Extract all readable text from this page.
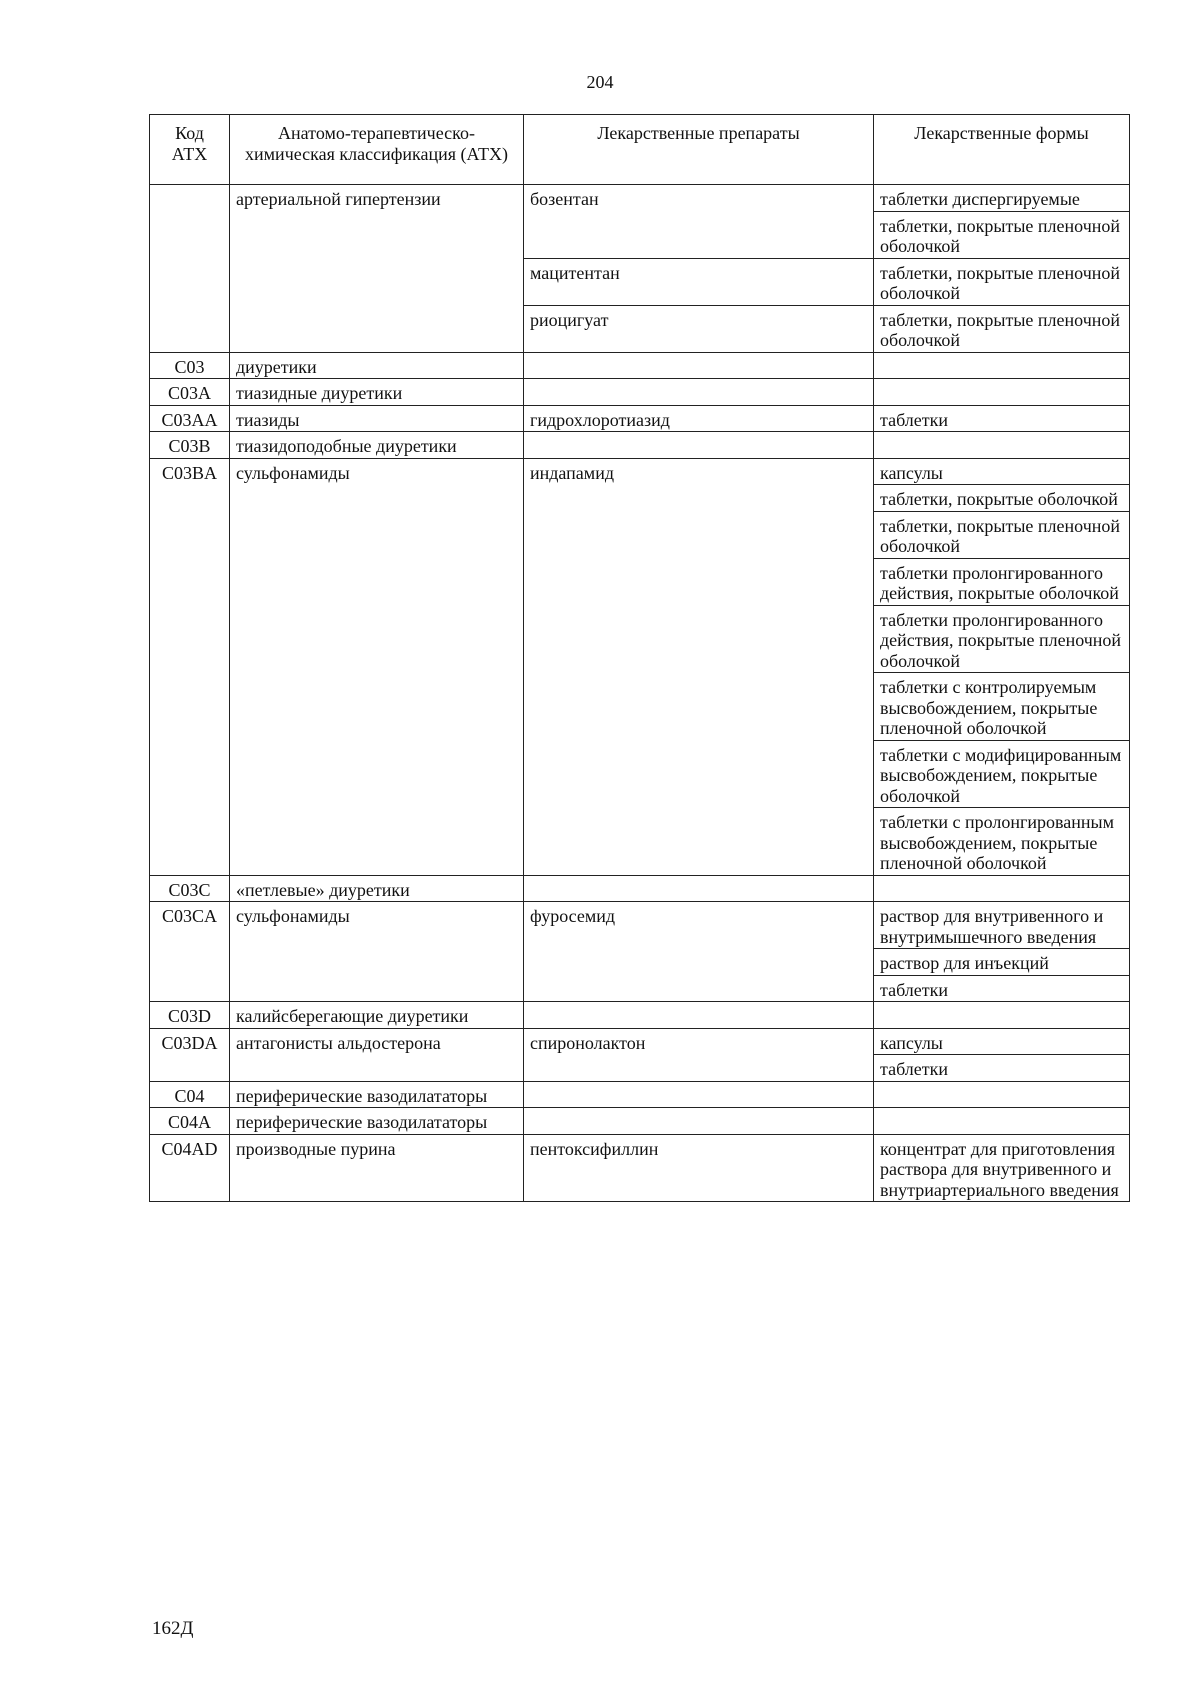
204
Код АТХ	Анатомо-терапевтическо-химическая классификация (АТХ)	Лекарственные препараты	Лекарственные формы
	артериальной гипертензии	бозентан	таблетки диспергируемые
			таблетки, покрытые пленочной оболочкой
		мацитентан	таблетки, покрытые пленочной оболочкой
		риоцигуат	таблетки, покрытые пленочной оболочкой
C03	диуретики		
C03A	тиазидные диуретики		
C03AA	тиазиды	гидрохлоротиазид	таблетки
C03B	тиазидоподобные диуретики		
C03BA	сульфонамиды	индапамид	капсулы
			таблетки, покрытые оболочкой
			таблетки, покрытые пленочной оболочкой
			таблетки пролонгированного действия, покрытые оболочкой
			таблетки пролонгированного действия, покрытые пленочной оболочкой
			таблетки с контролируемым высвобождением, покрытые пленочной оболочкой
			таблетки с модифицированным высвобождением, покрытые оболочкой
			таблетки с пролонгированным высвобождением, покрытые пленочной оболочкой
C03C	«петлевые» диуретики		
C03CA	сульфонамиды	фуросемид	раствор для внутривенного и внутримышечного введения
			раствор для инъекций
			таблетки
C03D	калийсберегающие диуретики		
C03DA	антагонисты альдостерона	спиронолактон	капсулы
			таблетки
C04	периферические вазодилататоры		
C04A	периферические вазодилататоры		
C04AD	производные пурина	пентоксифиллин	концентрат для приготовления раствора для внутривенного и внутриартериального введения
162Д
